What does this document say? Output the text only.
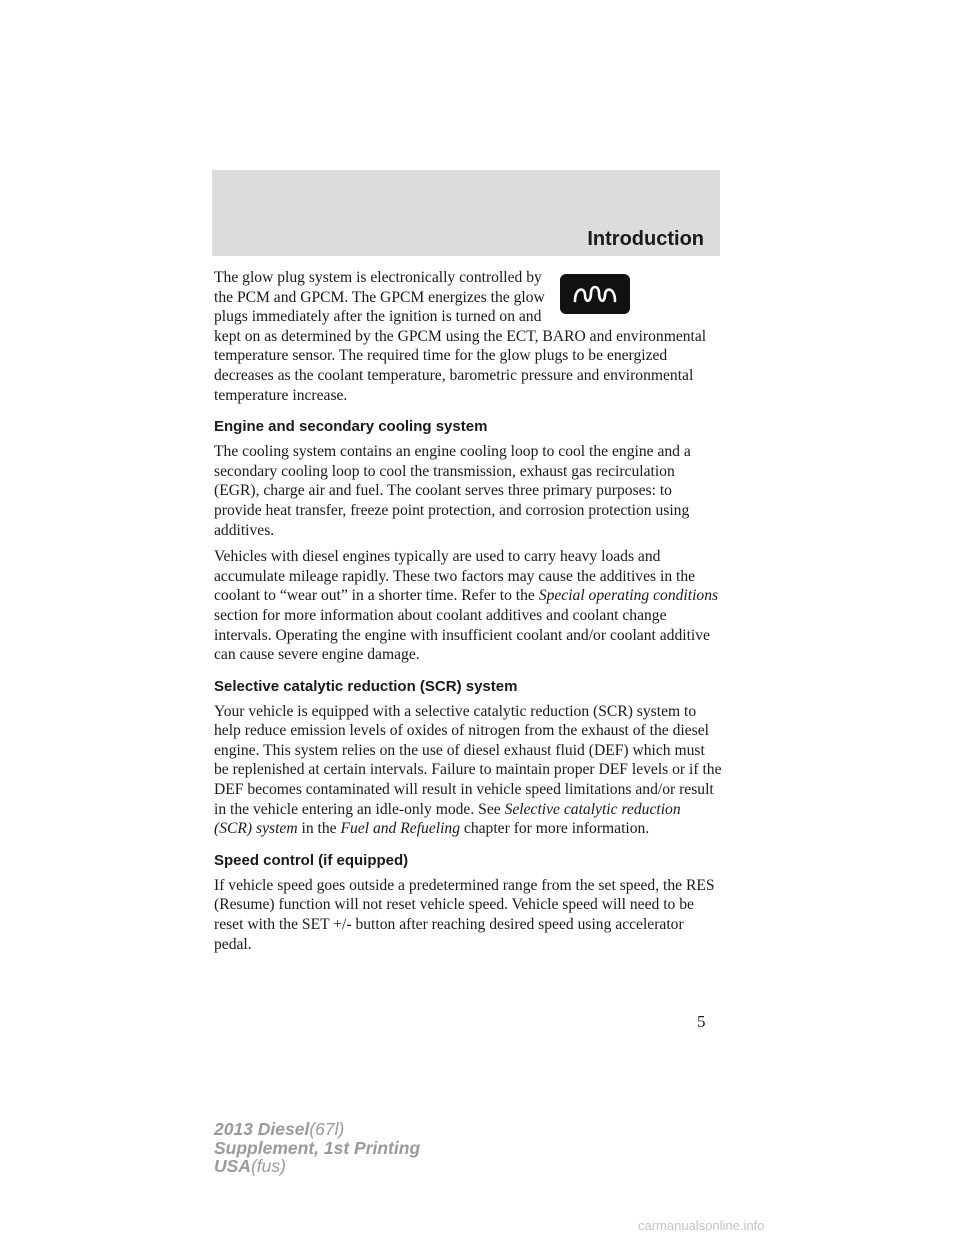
Introduction

The glow plug system is electronically controlled by the PCM and GPCM. The GPCM energizes the glow plugs immediately after the ignition is turned on and kept on as determined by the GPCM using the ECT, BARO and environmental temperature sensor. The required time for the glow plugs to be energized decreases as the coolant temperature, barometric pressure and environmental temperature increase.

Engine and secondary cooling system

The cooling system contains an engine cooling loop to cool the engine and a secondary cooling loop to cool the transmission, exhaust gas recirculation (EGR), charge air and fuel. The coolant serves three primary purposes: to provide heat transfer, freeze point protection, and corrosion protection using additives.

Vehicles with diesel engines typically are used to carry heavy loads and accumulate mileage rapidly. These two factors may cause the additives in the coolant to “wear out” in a shorter time. Refer to the Special operating conditions section for more information about coolant additives and coolant change intervals. Operating the engine with insufficient coolant and/or coolant additive can cause severe engine damage.

Selective catalytic reduction (SCR) system

Your vehicle is equipped with a selective catalytic reduction (SCR) system to help reduce emission levels of oxides of nitrogen from the exhaust of the diesel engine. This system relies on the use of diesel exhaust fluid (DEF) which must be replenished at certain intervals. Failure to maintain proper DEF levels or if the DEF becomes contaminated will result in vehicle speed limitations and/or result in the vehicle entering an idle-only mode. See Selective catalytic reduction (SCR) system in the Fuel and Refueling chapter for more information.

Speed control (if equipped)

If vehicle speed goes outside a predetermined range from the set speed, the RES (Resume) function will not reset vehicle speed. Vehicle speed will need to be reset with the SET +/- button after reaching desired speed using accelerator pedal.

5
2013 Diesel(67l)
Supplement, 1st Printing
USA(fus)
carmanualsonline.info
